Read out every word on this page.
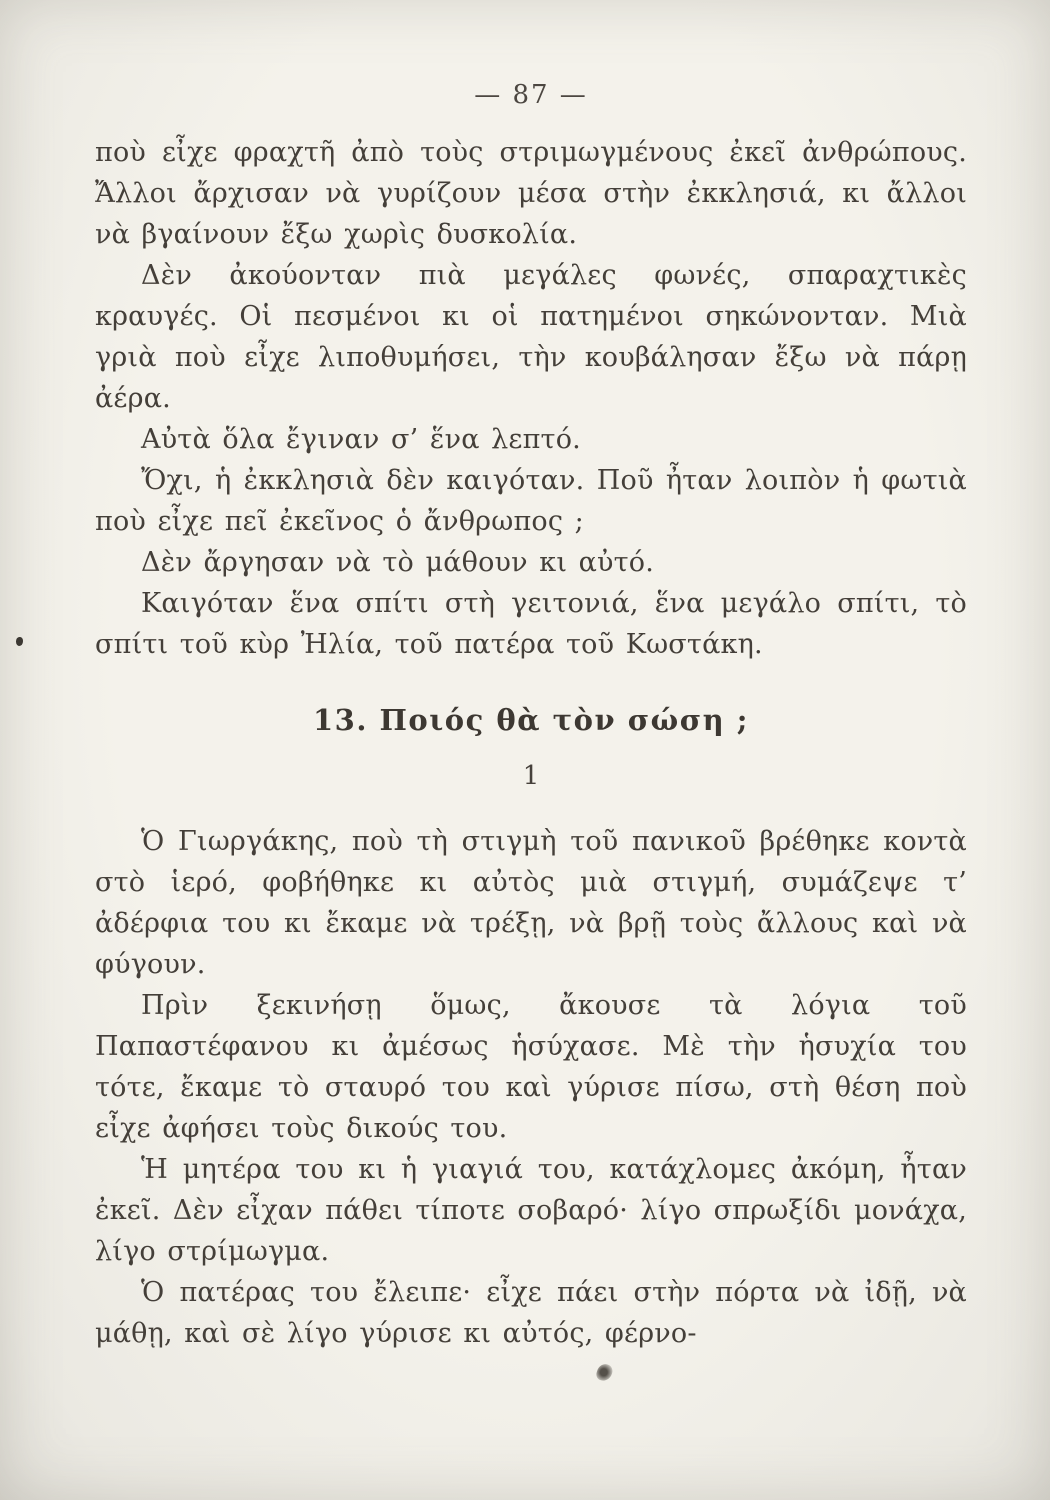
— 87 —

ποὺ εἶχε φραχτῆ ἀπὸ τοὺς στριμωγμένους ἐκεῖ ἀνθρώπους. Ἄλλοι ἄρχισαν νὰ γυρίζουν μέσα στὴν ἐκκλησιά, κι ἄλλοι νὰ βγαίνουν ἔξω χωρὶς δυσκολία.

Δὲν ἀκούονταν πιὰ μεγάλες φωνές, σπαραχτικὲς κραυγές. Οἱ πεσμένοι κι οἱ πατημένοι σηκώνονταν. Μιὰ γριὰ ποὺ εἶχε λιποθυμήσει, τὴν κουβάλησαν ἔξω νὰ πάρῃ ἀέρα.

Αὐτὰ ὅλα ἔγιναν σ’ ἕνα λεπτό.

Ὄχι, ἡ ἐκκλησιὰ δὲν καιγόταν. Ποῦ ἦταν λοιπὸν ἡ φωτιὰ ποὺ εἶχε πεῖ ἐκεῖνος ὁ ἄνθρωπος ;

Δὲν ἄργησαν νὰ τὸ μάθουν κι αὐτό.

Καιγόταν ἕνα σπίτι στὴ γειτονιά, ἕνα μεγάλο σπίτι, τὸ σπίτι τοῦ κὺρ Ἠλία, τοῦ πατέρα τοῦ Κωστάκη.

13. Ποιός θὰ τὸν σώση ;
1

Ὁ Γιωργάκης, ποὺ τὴ στιγμὴ τοῦ πανικοῦ βρέθηκε κοντὰ στὸ ἱερό, φοβήθηκε κι αὐτὸς μιὰ στιγμή, συμάζεψε τ’ ἀδέρφια του κι ἔκαμε νὰ τρέξῃ, νὰ βρῇ τοὺς ἄλλους καὶ νὰ φύγουν.

Πρὶν ξεκινήσῃ ὅμως, ἄκουσε τὰ λόγια τοῦ Παπαστέφανου κι ἀμέσως ἡσύχασε. Μὲ τὴν ἡσυχία του τότε, ἔκαμε τὸ σταυρό του καὶ γύρισε πίσω, στὴ θέση ποὺ εἶχε ἀφήσει τοὺς δικούς του.

Ἡ μητέρα του κι ἡ γιαγιά του, κατάχλομες ἀκόμη, ἦταν ἐκεῖ. Δὲν εἶχαν πάθει τίποτε σοβαρό· λίγο σπρωξίδι μονάχα, λίγο στρίμωγμα.

Ὁ πατέρας του ἔλειπε· εἶχε πάει στὴν πόρτα νὰ ἰδῇ, νὰ μάθῃ, καὶ σὲ λίγο γύρισε κι αὐτός, φέρνο-
